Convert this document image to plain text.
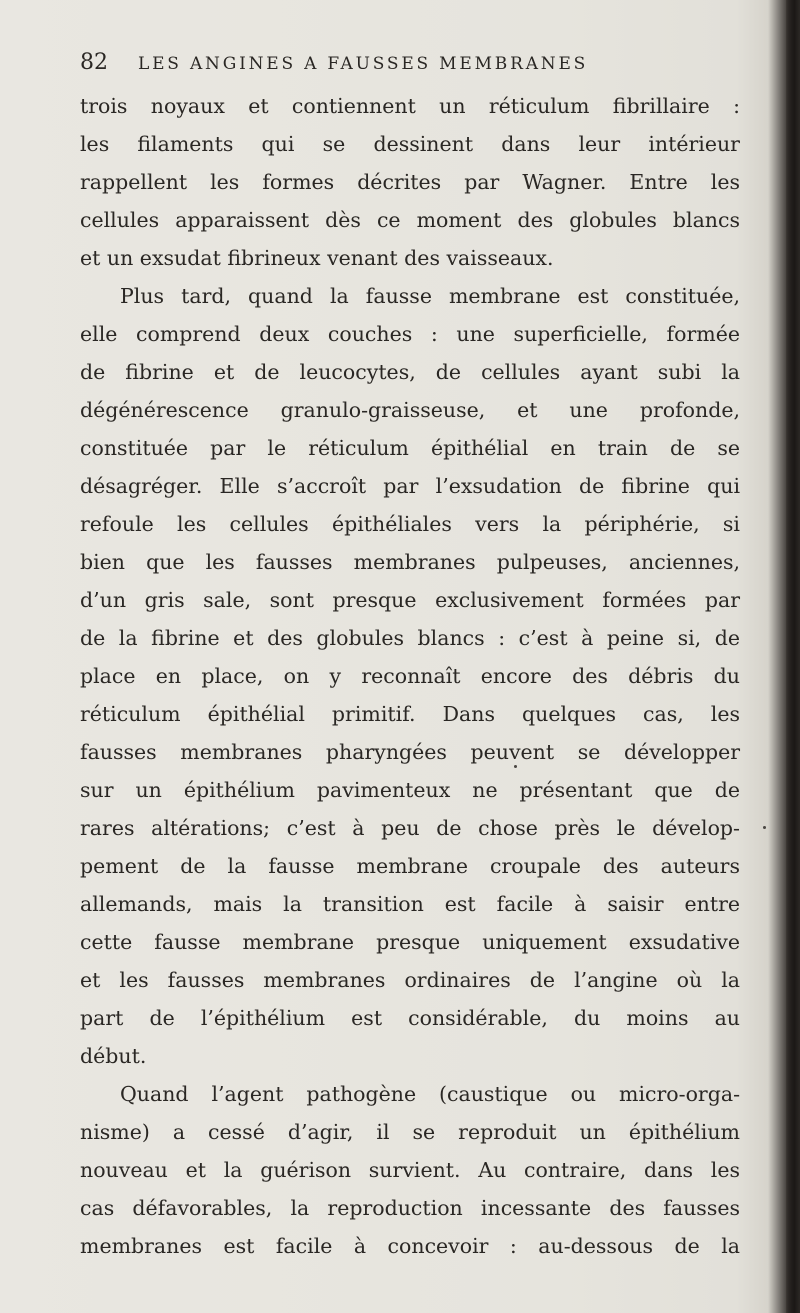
82 LES ANGINES A FAUSSES MEMBRANES
trois noyaux et contiennent un réticulum fibrillaire :
les filaments qui se dessinent dans leur intérieur
rappellent les formes décrites par Wagner. Entre les
cellules apparaissent dès ce moment des globules blancs
et un exsudat fibrineux venant des vaisseaux.
Plus tard, quand la fausse membrane est constituée,
elle comprend deux couches : une superficielle, formée
de fibrine et de leucocytes, de cellules ayant subi la
dégénérescence granulo-graisseuse, et une profonde,
constituée par le réticulum épithélial en train de se
désagréger. Elle s’accroît par l’exsudation de fibrine qui
refoule les cellules épithéliales vers la périphérie, si
bien que les fausses membranes pulpeuses, anciennes,
d’un gris sale, sont presque exclusivement formées par
de la fibrine et des globules blancs : c’est à peine si, de
place en place, on y reconnaît encore des débris du
réticulum épithélial primitif. Dans quelques cas, les
fausses membranes pharyngées peuvent se développer
sur un épithélium pavimenteux ne présentant que de
rares altérations; c’est à peu de chose près le dévelop-
pement de la fausse membrane croupale des auteurs
allemands, mais la transition est facile à saisir entre
cette fausse membrane presque uniquement exsudative
et les fausses membranes ordinaires de l’angine où la
part de l’épithélium est considérable, du moins au
début.
Quand l’agent pathogène (caustique ou micro-orga-
nisme) a cessé d’agir, il se reproduit un épithélium
nouveau et la guérison survient. Au contraire, dans les
cas défavorables, la reproduction incessante des fausses
membranes est facile à concevoir : au-dessous de la
